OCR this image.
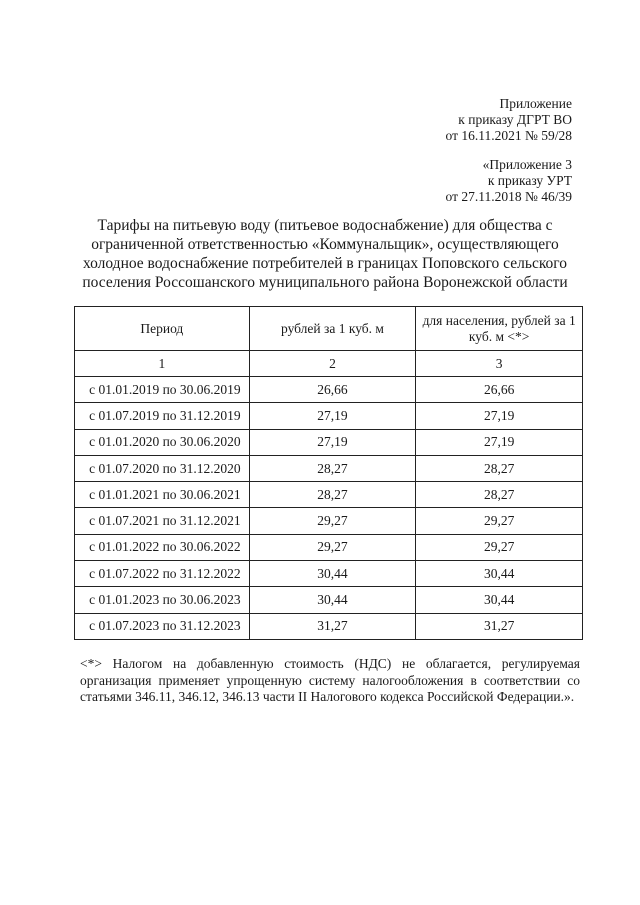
Приложение
к приказу ДГРТ ВО
от 16.11.2021 № 59/28
«Приложение 3
к приказу УРТ
от 27.11.2018 № 46/39
Тарифы на питьевую воду (питьевое водоснабжение) для общества с ограниченной ответственностью «Коммунальщик», осуществляющего холодное водоснабжение потребителей в границах Поповского сельского поселения Россошанского муниципального района Воронежской области
Период	рублей за 1 куб. м	для населения, рублей за 1 куб. м <*>
1	2	3
с 01.01.2019 по 30.06.2019	26,66	26,66
с 01.07.2019 по 31.12.2019	27,19	27,19
с 01.01.2020 по 30.06.2020	27,19	27,19
с 01.07.2020 по 31.12.2020	28,27	28,27
с 01.01.2021 по 30.06.2021	28,27	28,27
с 01.07.2021 по 31.12.2021	29,27	29,27
с 01.01.2022 по 30.06.2022	29,27	29,27
с 01.07.2022 по 31.12.2022	30,44	30,44
с 01.01.2023 по 30.06.2023	30,44	30,44
с 01.07.2023 по 31.12.2023	31,27	31,27
<*> Налогом на добавленную стоимость (НДС) не облагается, регулируемая организация применяет упрощенную систему налогообложения в соответствии со статьями 346.11, 346.12, 346.13 части II Налогового кодекса Российской Федерации.».
